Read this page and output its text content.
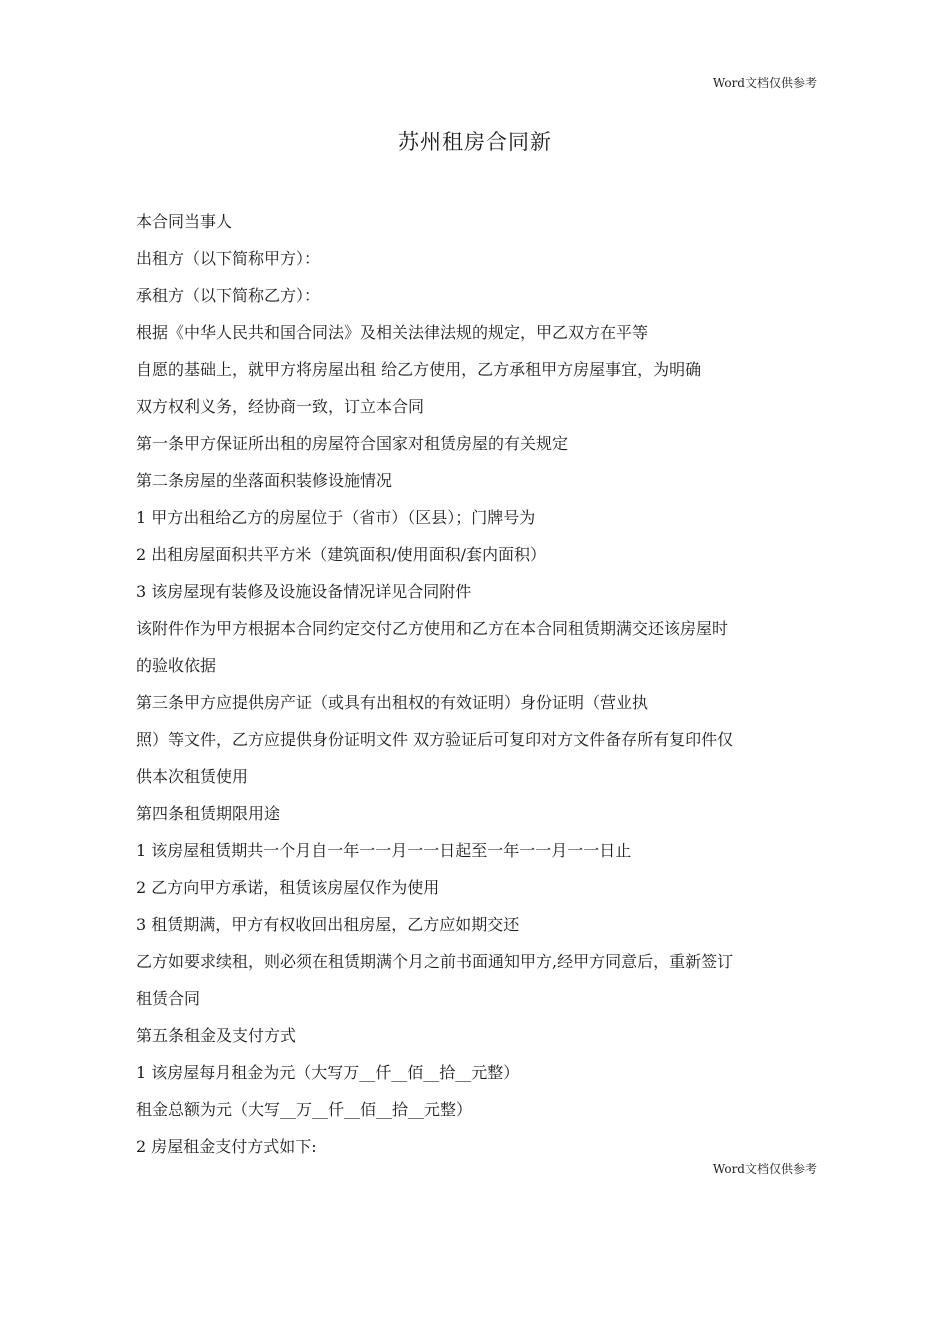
Word文档仅供参考
苏州租房合同新
本合同当事人
出租方（以下简称甲方）：
承租方（以下简称乙方）：
根据《中华人民共和国合同法》及相关法律法规的规定，甲乙双方在平等
自愿的基础上，就甲方将房屋出租 给乙方使用，乙方承租甲方房屋事宜，为明确
双方权利义务，经协商一致，订立本合同
第一条甲方保证所出租的房屋符合国家对租赁房屋的有关规定
第二条房屋的坐落面积装修设施情况
1 甲方出租给乙方的房屋位于（省市）（区县）；门牌号为
2 出租房屋面积共平方米（建筑面积/使用面积/套内面积）
3 该房屋现有装修及设施设备情况详见合同附件
该附件作为甲方根据本合同约定交付乙方使用和乙方在本合同租赁期满交还该房屋时
的验收依据
第三条甲方应提供房产证（或具有出租权的有效证明）身份证明（营业执
照）等文件，乙方应提供身份证明文件 双方验证后可复印对方文件备存所有复印件仅
供本次租赁使用
第四条租赁期限用途
1 该房屋租赁期共一个月自一年一一月一一日起至一年一一月一一日止
2 乙方向甲方承诺，租赁该房屋仅作为使用
3 租赁期满，甲方有权收回出租房屋，乙方应如期交还
乙方如要求续租，则必须在租赁期满个月之前书面通知甲方,经甲方同意后，重新签订
租赁合同
第五条租金及支付方式
1 该房屋每月租金为元（大写万__仟__佰__拾__元整）
租金总额为元（大写__万__仟__佰__拾__元整）
2 房屋租金支付方式如下:
Word文档仅供参考
